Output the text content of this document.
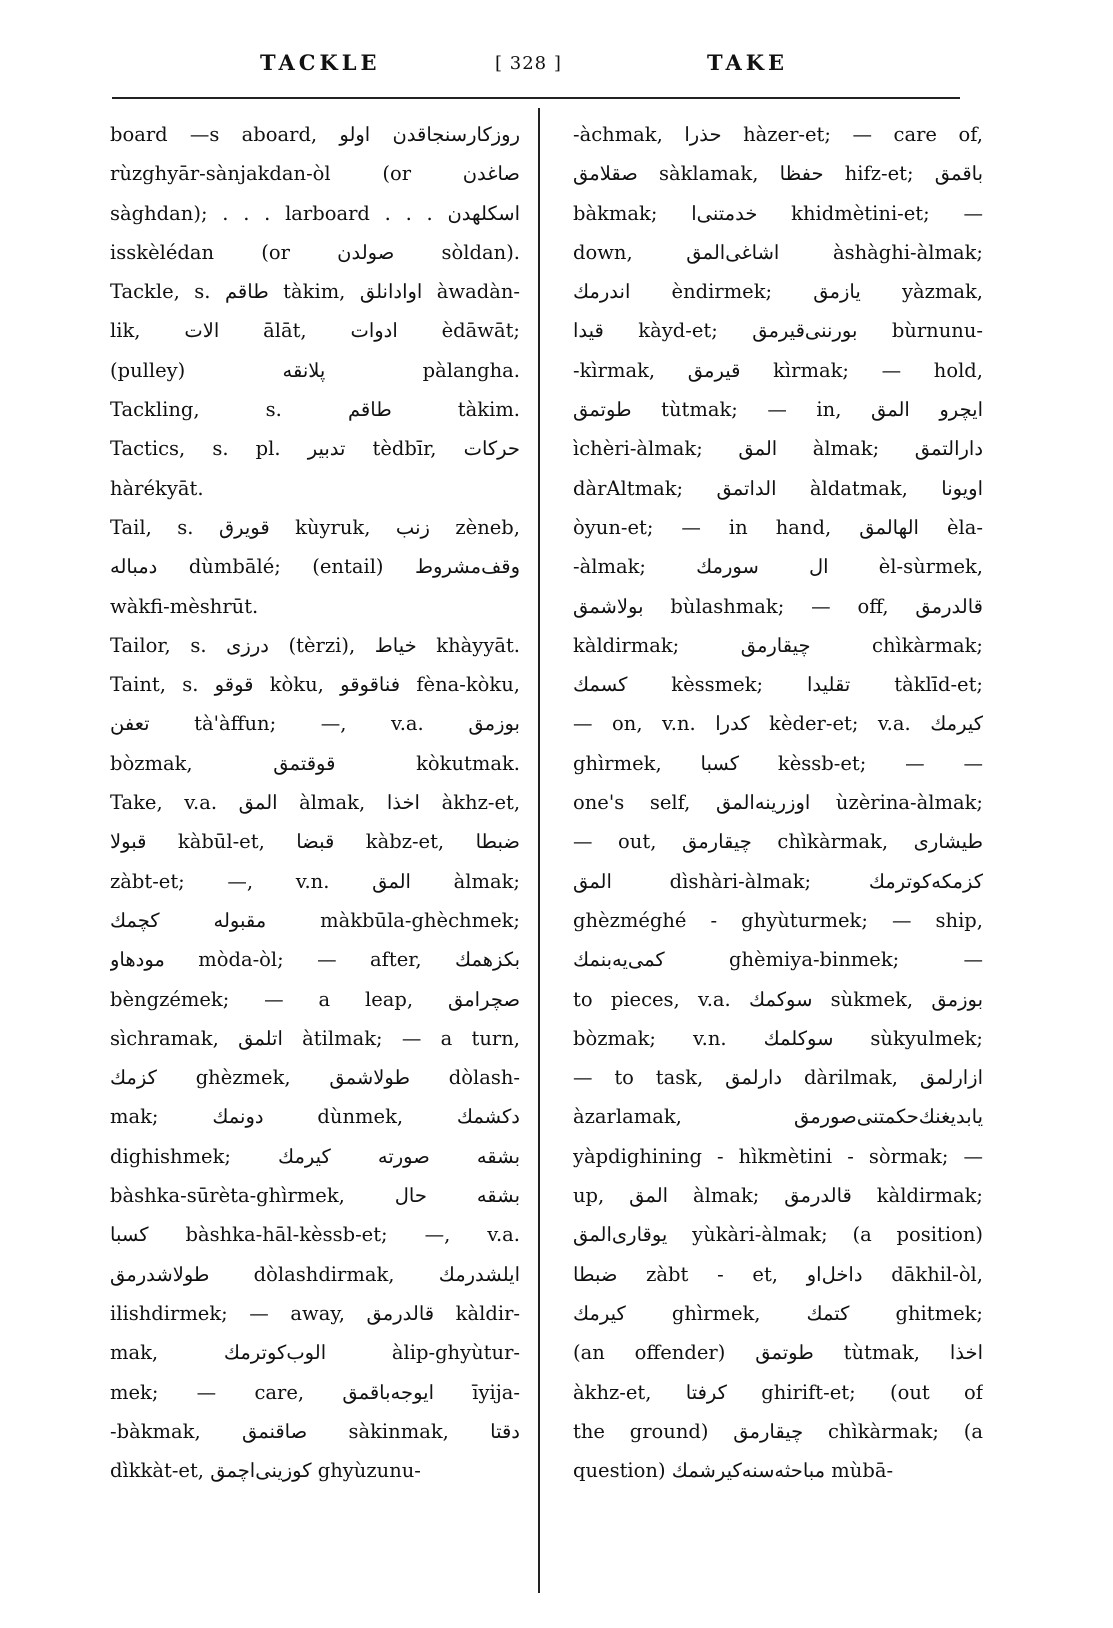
TACKLE	[ 328 ]	TAKE
board —s aboard, روزكارسنجاقدن اولو
rùzghyār-sànjakdan-òl (or صاغدن
sàghdan); . . . larboard . . . اسكلهدن
isskèlédan (or صولدن sòldan).
Tackle, s. طاقم tàkim, اوادانلق àwadàn-
lik, الات ālāt, ادوات èdāwāt;
(pulley) پلانقه pàlangha.
Tackling, s. طاقم tàkim.
Tactics, s. pl. تدبير tèdbīr, حركات
hàrékyāt.
Tail, s. قويرق kùyruk, زنب zèneb,
دمباله dùmbālé; (entail) وقف‌مشروط
wàkfi-mèshrūt.
Tailor, s. درزى (tèrzi), خياط khàyyāt.
Taint, s. قوقو kòku, فناقوقو fèna-kòku,
تعفن tà'àffun; —, v.a. بوزمق
bòzmak, قوقتمق kòkutmak.
Take, v.a. المق àlmak, اخذا àkhz-et,
قبولا kàbūl-et, قبضا kàbz-et, ضبطا
zàbt-et; —, v.n. المق àlmak;
مقبوله كچمك màkbūla-ghèchmek;
مودهاو mòda-òl; — after, بكزهمك
bèngzémek; — a leap, صچرامق
sìchramak, اتلمق àtilmak; — a turn,
كزمك ghèzmek, طولاشمق dòlash-
mak; دونمك dùnmek, دكشمك
dighishmek; بشقه صورته كيرمك
bàshka-sūrèta-ghìrmek, بشقه حال
كسبا bàshka-hāl-kèssb-et; —, v.a.
طولاشدرمق dòlashdirmak, ايلشدرمك
ilishdirmek; — away, قالدرمق kàldir-
mak, الوب‌كوترمك àlip-ghyùtur-
mek; — care, ايوجه‌باقمق īyija-
-bàkmak, صاقنمق sàkinmak, دقتا
dìkkàt-et, كوزينى‌اچمق ghyùzunu-
-àchmak, حذرا hàzer-et; — care of,
صقلامق sàklamak, حفظا hifz-et; باقمق
bàkmak; خدمتنى‌ا khidmètini-et; —
down, اشاغى‌المق àshàghi-àlmak;
اندرمك èndirmek; يازمق yàzmak,
قيدا kàyd-et; بورننى‌قيرمق bùrnunu-
-kìrmak, قيرمق kìrmak; — hold,
طوتمق tùtmak; — in, ايچرو المق
ìchèri-àlmak; المق àlmak; دارالتمق
dàrAltmak; الداتمق àldatmak, اويونا
òyun-et; — in hand, الهالمق èla-
-àlmak; ال سورمك èl-sùrmek,
بولاشمق bùlashmak; — off, قالدرمق
kàldirmak; چيقارمق chìkàrmak;
كسمك kèssmek; تقليدا tàklīd-et;
— on, v.n. كدرا kèder-et; v.a. كيرمك
ghìrmek, كسبا kèssb-et; — —
one's self, اوزرينه‌المق ùzèrina-àlmak;
— out, چيقارمق chìkàrmak, طيشارى
المق dìshàri-àlmak; كزمكه‌كوترمك
ghèzméghé - ghyùturmek; — ship,
كمى‌يه‌بنمك ghèmiya-binmek; —
to pieces, v.a. سوكمك sùkmek, بوزمق
bòzmak; v.n. سوكلمك sùkyulmek;
— to task, دارلمق dàrilmak, ازارلمق
àzarlamak, يابديغنك‌حكمتنى‌صورمق
yàpdighining - hìkmètini - sòrmak; —
up, المق àlmak; قالدرمق kàldirmak;
يوقارى‌المق yùkàri-àlmak; (a position)
ضبطا zàbt - et, داخل‌او dākhil-òl,
كيرمك ghìrmek, كتمك ghitmek;
(an offender) طوتمق tùtmak, اخذا
àkhz-et, كرفتا ghirift-et; (out of
the ground) چيقارمق chìkàrmak; (a
question) مباحثه‌سنه‌كيرشمك mùbā-
